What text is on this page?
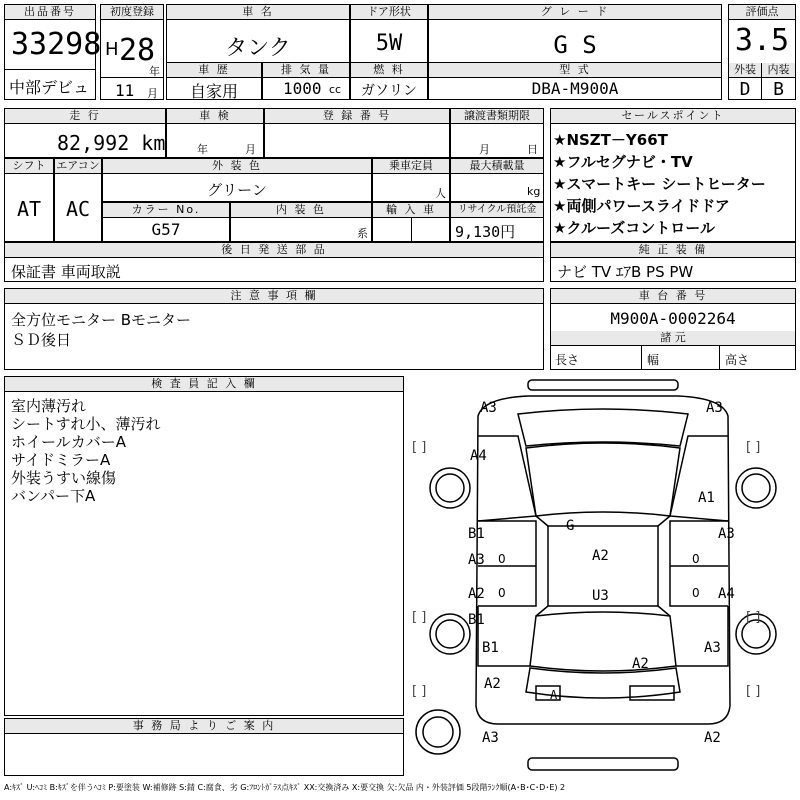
出品番号
33298
中部デビュ
初度登録
H 28
年
11 月
車 名
タンク
ドア形状
5W
グ レ ー ド
G S
車 歴
自家用
排 気 量
1000 cc
燃 料
ガソリン
型 式
DBA-M900A
評価点
3.5
外装	内装
D	B
走 行
82,992 km
車 検
年	月
登 録 番 号	譲渡書類期限
月	日
シフト
AT
エアコン
AC
外 装 色
グリーン
乗車定員
人
最大積載量
kg
カラー No.
G57
内 装 色
系
輸 入 車	リサイクル預託金
9,130円
後 日 発 送 部 品
保証書 車両取説
セールスポイント
★NSZT－Y66T
★フルセグナビ・TV
★スマートキー シートヒーター
★両側パワースライドドア
★クルーズコントロール
純 正 装 備
ナビ TV ｴｱB PS PW
注 意 事 項 欄
全方位モニター Bモニター
ＳＤ後日
車 台 番 号
M900A-0002264
諸 元
長さ	幅	高さ
検 査 員 記 入 欄
室内薄汚れ
シートすれ小、薄汚れ
ホイールカバーA
サイドミラーA
外装うすい線傷
バンパー下A
事 務 局 よ り ご 案 内
A3	A3
A4
A1
B1
A3
A3
G
A2
A2	U3
B1
A4
B1	A3
A2
A2
A
A3	A2
0	0
0	0
[ ]	[ ]
[ ]	[ ]
[ ]	[ ]
A:ｷｽﾞ U:ﾍｺﾐ B:ｷｽﾞを伴うﾍｺﾐ P:要塗装 W:補修跡 S:錆 C:腐食、劣 G:ﾌﾛﾝﾄｶﾞﾗｽ点ｷｽﾞ XX:交換済み X:要交換 欠:欠品 内・外装評価 5段階ﾗﾝｸ順(A･B･C･D･E) 2
